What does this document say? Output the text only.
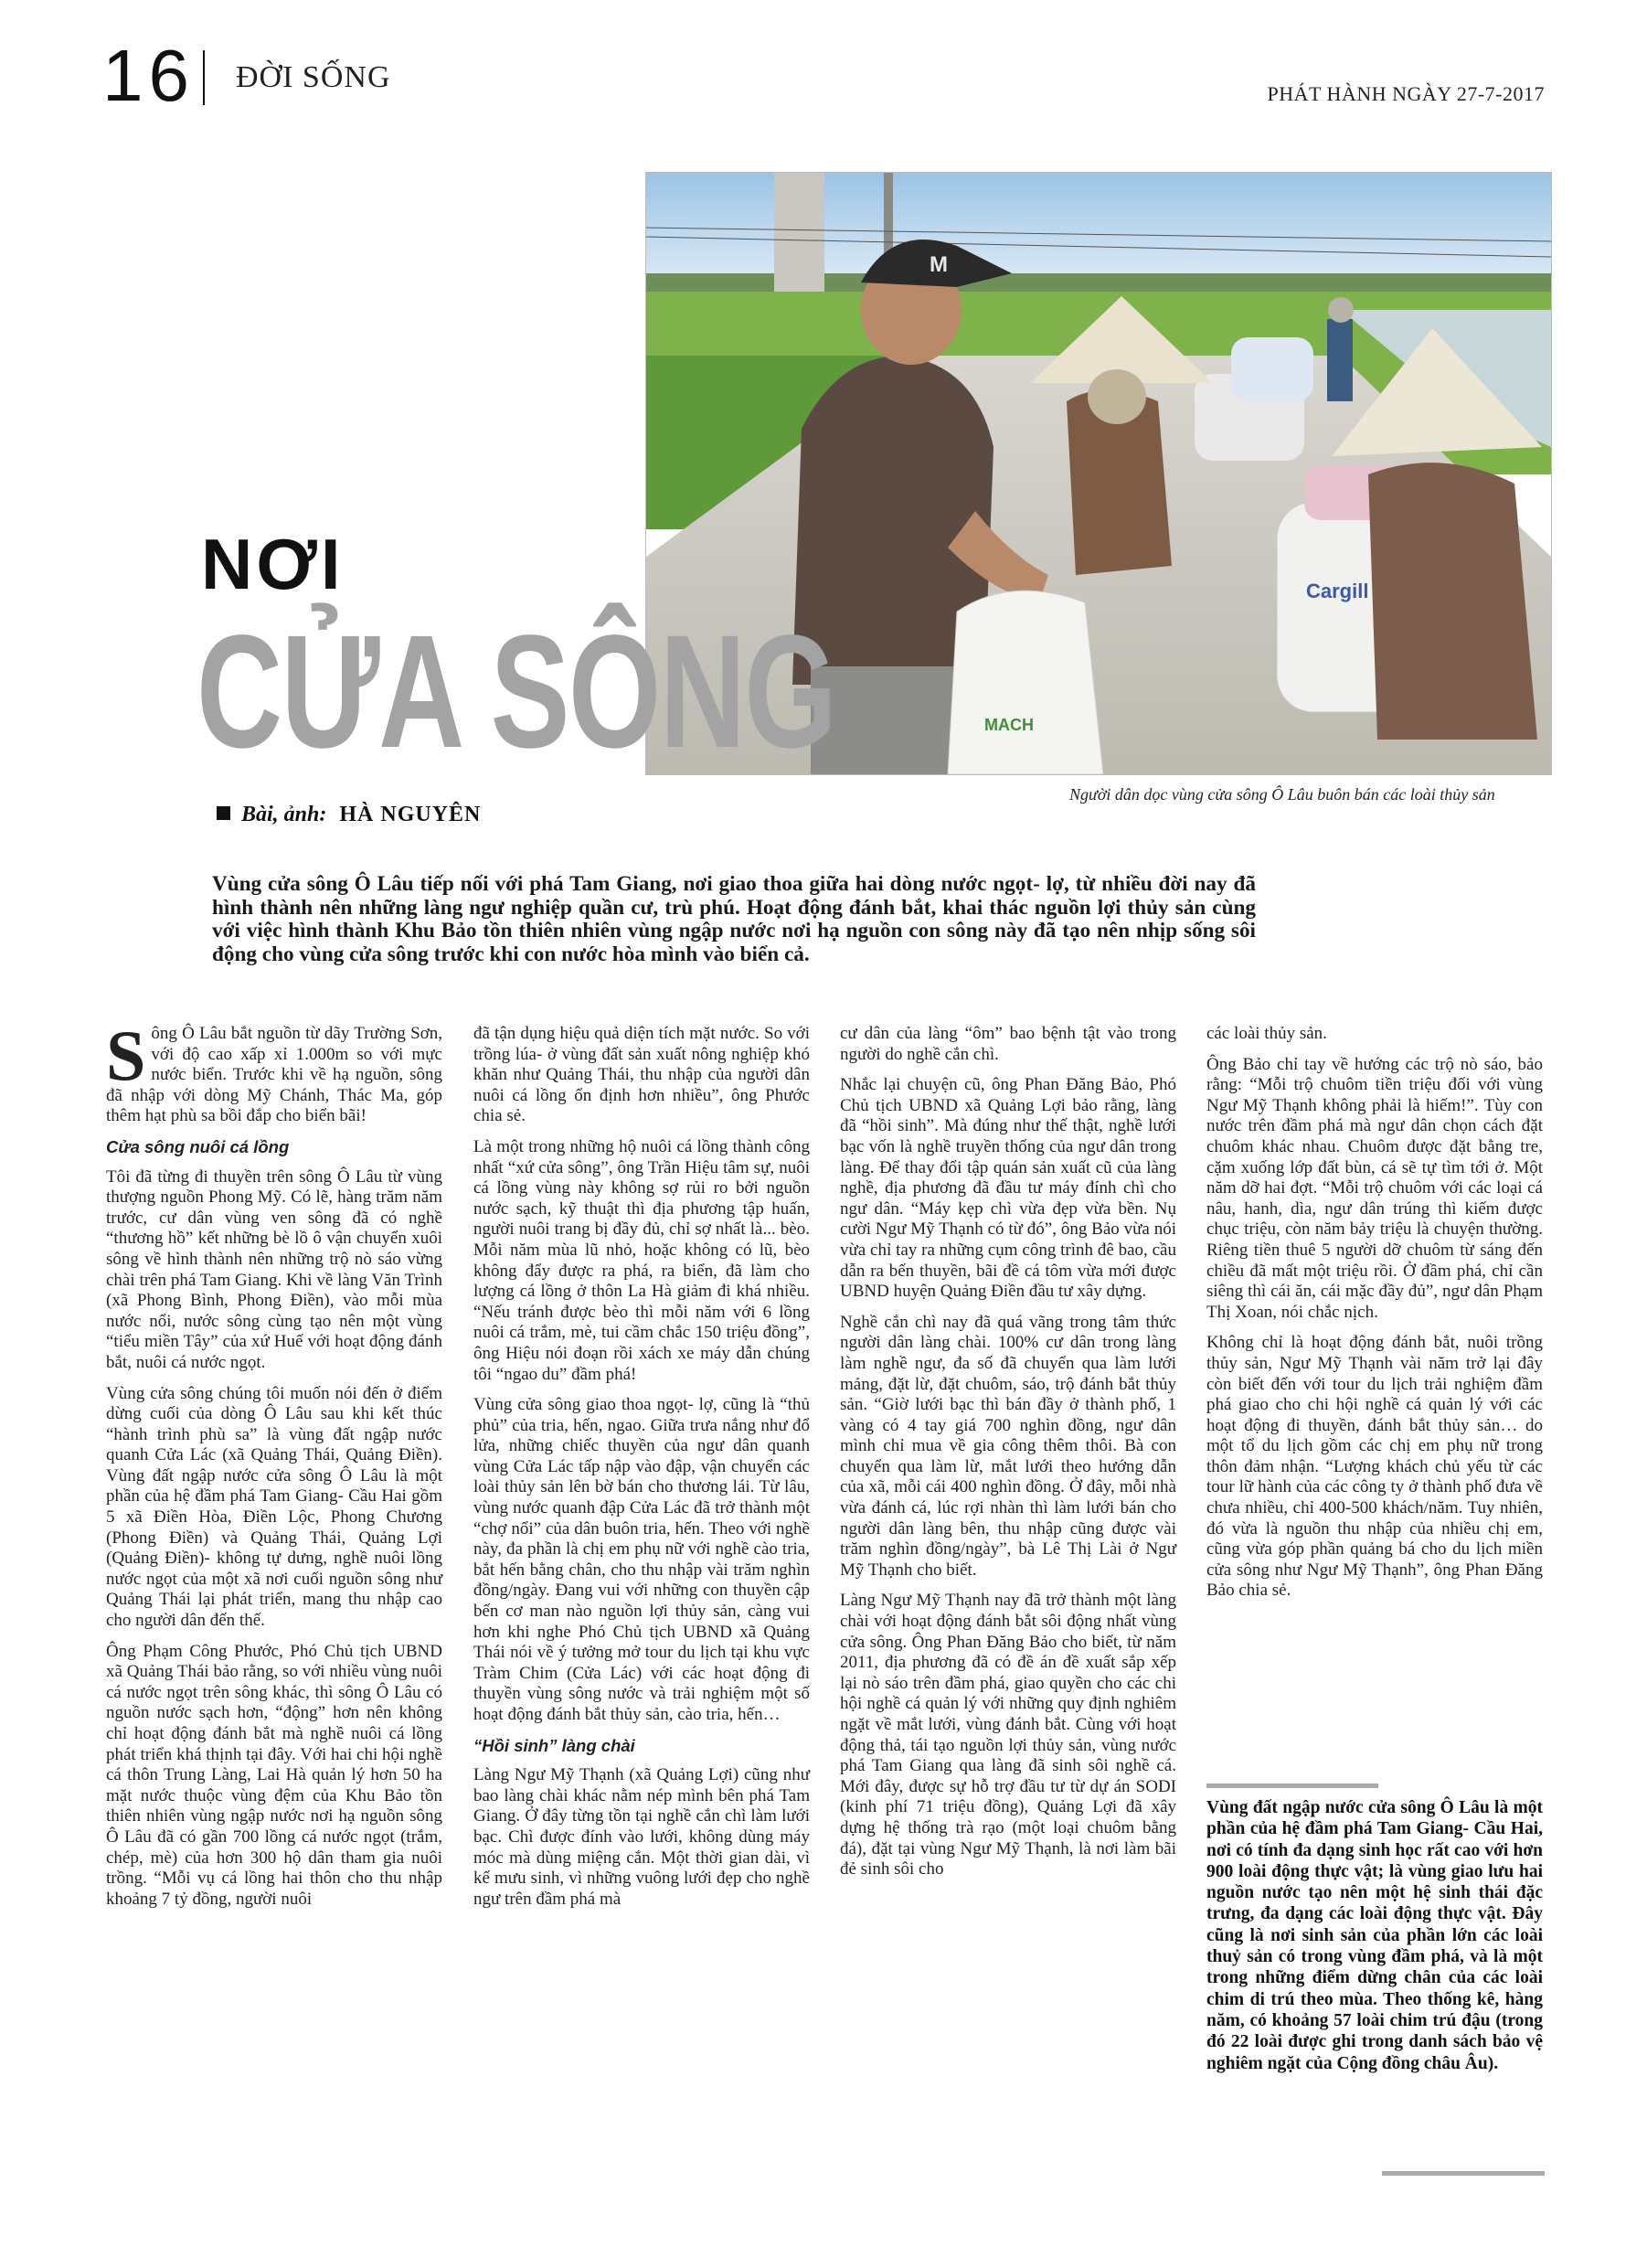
16 ĐỜI SỐNG	PHÁT HÀNH NGÀY 27-7-2017
Cargill
M
MACH
Người dân dọc vùng cửa sông Ô Lâu buôn bán các loài thủy sản
NƠI
CỬA SÔNG
Bài, ảnh: HÀ NGUYÊN
Vùng cửa sông Ô Lâu tiếp nối với phá Tam Giang, nơi giao thoa giữa hai dòng nước ngọt- lợ, từ nhiều đời nay đã hình thành nên những làng ngư nghiệp quần cư, trù phú. Hoạt động đánh bắt, khai thác nguồn lợi thủy sản cùng với việc hình thành Khu Bảo tồn thiên nhiên vùng ngập nước nơi hạ nguồn con sông này đã tạo nên nhịp sống sôi động cho vùng cửa sông trước khi con nước hòa mình vào biển cả.

Sông Ô Lâu bắt nguồn từ dãy Trường Sơn, với độ cao xấp xỉ 1.000m so với mực nước biển. Trước khi về hạ nguồn, sông đã nhập với dòng Mỹ Chánh, Thác Ma, góp thêm hạt phù sa bồi đắp cho biển bãi!

Cửa sông nuôi cá lồng

Tôi đã từng đi thuyền trên sông Ô Lâu từ vùng thượng nguồn Phong Mỹ. Có lẽ, hàng trăm năm trước, cư dân vùng ven sông đã có nghề “thương hồ” kết những bè lồ ô vận chuyển xuôi sông về hình thành nên những trộ nò sáo vừng chài trên phá Tam Giang. Khi về làng Văn Trình (xã Phong Bình, Phong Điền), vào mỗi mùa nước nổi, nước sông cùng tạo nên một vùng “tiểu miền Tây” của xứ Huế với hoạt động đánh bắt, nuôi cá nước ngọt.

Vùng cửa sông chúng tôi muốn nói đến ở điểm dừng cuối của dòng Ô Lâu sau khi kết thúc “hành trình phù sa” là vùng đất ngập nước quanh Cửa Lác (xã Quảng Thái, Quảng Điền). Vùng đất ngập nước cửa sông Ô Lâu là một phần của hệ đầm phá Tam Giang- Cầu Hai gồm 5 xã Điền Hòa, Điền Lộc, Phong Chương (Phong Điền) và Quảng Thái, Quảng Lợi (Quảng Điền)- không tự dưng, nghề nuôi lồng nước ngọt của một xã nơi cuối nguồn sông như Quảng Thái lại phát triển, mang thu nhập cao cho người dân đến thế.

Ông Phạm Công Phước, Phó Chủ tịch UBND xã Quảng Thái bảo rằng, so với nhiều vùng nuôi cá nước ngọt trên sông khác, thì sông Ô Lâu có nguồn nước sạch hơn, “động” hơn nên không chỉ hoạt động đánh bắt mà nghề nuôi cá lồng phát triển khá thịnh tại đây. Với hai chi hội nghề cá thôn Trung Làng, Lai Hà quản lý hơn 50 ha mặt nước thuộc vùng đệm của Khu Bảo tồn thiên nhiên vùng ngập nước nơi hạ nguồn sông Ô Lâu đã có gần 700 lồng cá nước ngọt (trắm, chép, mè) của hơn 300 hộ dân tham gia nuôi trồng. “Mỗi vụ cá lồng hai thôn cho thu nhập khoảng 7 tỷ đồng, người nuôi

đã tận dụng hiệu quả diện tích mặt nước. So với trồng lúa- ở vùng đất sản xuất nông nghiệp khó khăn như Quảng Thái, thu nhập của người dân nuôi cá lồng ổn định hơn nhiều”, ông Phước chia sẻ.

Là một trong những hộ nuôi cá lồng thành công nhất “xứ cửa sông”, ông Trần Hiệu tâm sự, nuôi cá lồng vùng này không sợ rủi ro bởi nguồn nước sạch, kỹ thuật thì địa phương tập huấn, người nuôi trang bị đầy đủ, chỉ sợ nhất là... bèo. Mỗi năm mùa lũ nhỏ, hoặc không có lũ, bèo không đẩy được ra phá, ra biển, đã làm cho lượng cá lồng ở thôn La Hà giảm đi khá nhiều. “Nếu tránh được bèo thì mỗi năm với 6 lồng nuôi cá trắm, mè, tui cầm chắc 150 triệu đồng”, ông Hiệu nói đoạn rồi xách xe máy dẫn chúng tôi “ngao du” đầm phá!

Vùng cửa sông giao thoa ngọt- lợ, cũng là “thủ phủ” của tria, hến, ngao. Giữa trưa nắng như đổ lửa, những chiếc thuyền của ngư dân quanh vùng Cửa Lác tấp nập vào đập, vận chuyển các loài thủy sản lên bờ bán cho thương lái. Từ lâu, vùng nước quanh đập Cửa Lác đã trở thành một “chợ nổi” của dân buôn tria, hến. Theo với nghề này, đa phần là chị em phụ nữ với nghề cào tria, bắt hến bằng chân, cho thu nhập vài trăm nghìn đồng/ngày. Đang vui với những con thuyền cập bến cơ man nào nguồn lợi thủy sản, càng vui hơn khi nghe Phó Chủ tịch UBND xã Quảng Thái nói về ý tưởng mở tour du lịch tại khu vực Tràm Chim (Cửa Lác) với các hoạt động đi thuyền vùng sông nước và trải nghiệm một số hoạt động đánh bắt thủy sản, cào tria, hến…

“Hồi sinh” làng chài

Làng Ngư Mỹ Thạnh (xã Quảng Lợi) cũng như bao làng chài khác nằm nép mình bên phá Tam Giang. Ở đây từng tồn tại nghề cắn chì làm lưới bạc. Chì được đính vào lưới, không dùng máy móc mà dùng miệng cắn. Một thời gian dài, vì kế mưu sinh, vì những vuông lưới đẹp cho nghề ngư trên đầm phá mà

cư dân của làng “ôm” bao bệnh tật vào trong người do nghề cắn chì.

Nhắc lại chuyện cũ, ông Phan Đăng Bảo, Phó Chủ tịch UBND xã Quảng Lợi bảo rằng, làng đã “hồi sinh”. Mà đúng như thế thật, nghề lưới bạc vốn là nghề truyền thống của ngư dân trong làng. Để thay đổi tập quán sản xuất cũ của làng nghề, địa phương đã đầu tư máy đính chì cho ngư dân. “Máy kẹp chì vừa đẹp vừa bền. Nụ cười Ngư Mỹ Thạnh có từ đó”, ông Bảo vừa nói vừa chỉ tay ra những cụm công trình đê bao, cầu dẫn ra bến thuyền, bãi đề cá tôm vừa mới được UBND huyện Quảng Điền đầu tư xây dựng.

Nghề cắn chì nay đã quá vãng trong tâm thức người dân làng chài. 100% cư dân trong làng làm nghề ngư, đa số đã chuyển qua làm lưới mảng, đặt lừ, đặt chuôm, sáo, trộ đánh bắt thủy sản. “Giờ lưới bạc thì bán đầy ở thành phố, 1 vàng có 4 tay giá 700 nghìn đồng, ngư dân mình chỉ mua về gia công thêm thôi. Bà con chuyển qua làm lừ, mắt lưới theo hướng dẫn của xã, mỗi cái 400 nghìn đồng. Ở đây, mỗi nhà vừa đánh cá, lúc rợi nhàn thì làm lưới bán cho người dân làng bên, thu nhập cũng được vài trăm nghìn đồng/ngày”, bà Lê Thị Lài ở Ngư Mỹ Thạnh cho biết.

Làng Ngư Mỹ Thạnh nay đã trở thành một làng chài với hoạt động đánh bắt sôi động nhất vùng cửa sông. Ông Phan Đăng Bảo cho biết, từ năm 2011, địa phương đã có đề án đề xuất sắp xếp lại nò sáo trên đầm phá, giao quyền cho các chi hội nghề cá quản lý với những quy định nghiêm ngặt về mắt lưới, vùng đánh bắt. Cùng với hoạt động thả, tái tạo nguồn lợi thủy sản, vùng nước phá Tam Giang qua làng đã sinh sôi nghề cá. Mới đây, được sự hỗ trợ đầu tư từ dự án SODI (kinh phí 71 triệu đồng), Quảng Lợi đã xây dựng hệ thống trà rạo (một loại chuôm bằng đá), đặt tại vùng Ngư Mỹ Thạnh, là nơi làm bãi đẻ sinh sôi cho

các loài thủy sản.

Ông Bảo chỉ tay về hướng các trộ nò sáo, bảo rằng: “Mỗi trộ chuôm tiền triệu đối với vùng Ngư Mỹ Thạnh không phải là hiếm!”. Tùy con nước trên đầm phá mà ngư dân chọn cách đặt chuôm khác nhau. Chuôm được đặt bằng tre, cặm xuống lớp đất bùn, cá sẽ tự tìm tới ở. Một năm dỡ hai đợt. “Mỗi trộ chuôm với các loại cá nâu, hanh, dìa, ngư dân trúng thì kiếm được chục triệu, còn năm bảy triệu là chuyện thường. Riêng tiền thuê 5 người dỡ chuôm từ sáng đến chiều đã mất một triệu rồi. Ở đầm phá, chỉ cần siêng thì cái ăn, cái mặc đầy đủ”, ngư dân Phạm Thị Xoan, nói chắc nịch.

Không chỉ là hoạt động đánh bắt, nuôi trồng thủy sản, Ngư Mỹ Thạnh vài năm trở lại đây còn biết đến với tour du lịch trải nghiệm đầm phá giao cho chi hội nghề cá quản lý với các hoạt động đi thuyền, đánh bắt thủy sản… do một tổ du lịch gồm các chị em phụ nữ trong thôn đảm nhận. “Lượng khách chủ yếu từ các tour lữ hành của các công ty ở thành phố đưa về chưa nhiều, chỉ 400-500 khách/năm. Tuy nhiên, đó vừa là nguồn thu nhập của nhiều chị em, cũng vừa góp phần quảng bá cho du lịch miền cửa sông như Ngư Mỹ Thạnh”, ông Phan Đăng Bảo chia sẻ.

Vùng đất ngập nước cửa sông Ô Lâu là một phần của hệ đầm phá Tam Giang- Cầu Hai, nơi có tính đa dạng sinh học rất cao với hơn 900 loài động thực vật; là vùng giao lưu hai nguồn nước tạo nên một hệ sinh thái đặc trưng, đa dạng các loài động thực vật. Đây cũng là nơi sinh sản của phần lớn các loài thuỷ sản có trong vùng đầm phá, và là một trong những điểm dừng chân của các loài chim di trú theo mùa. Theo thống kê, hàng năm, có khoảng 57 loài chim trú đậu (trong đó 22 loài được ghi trong danh sách bảo vệ nghiêm ngặt của Cộng đồng châu Âu).
